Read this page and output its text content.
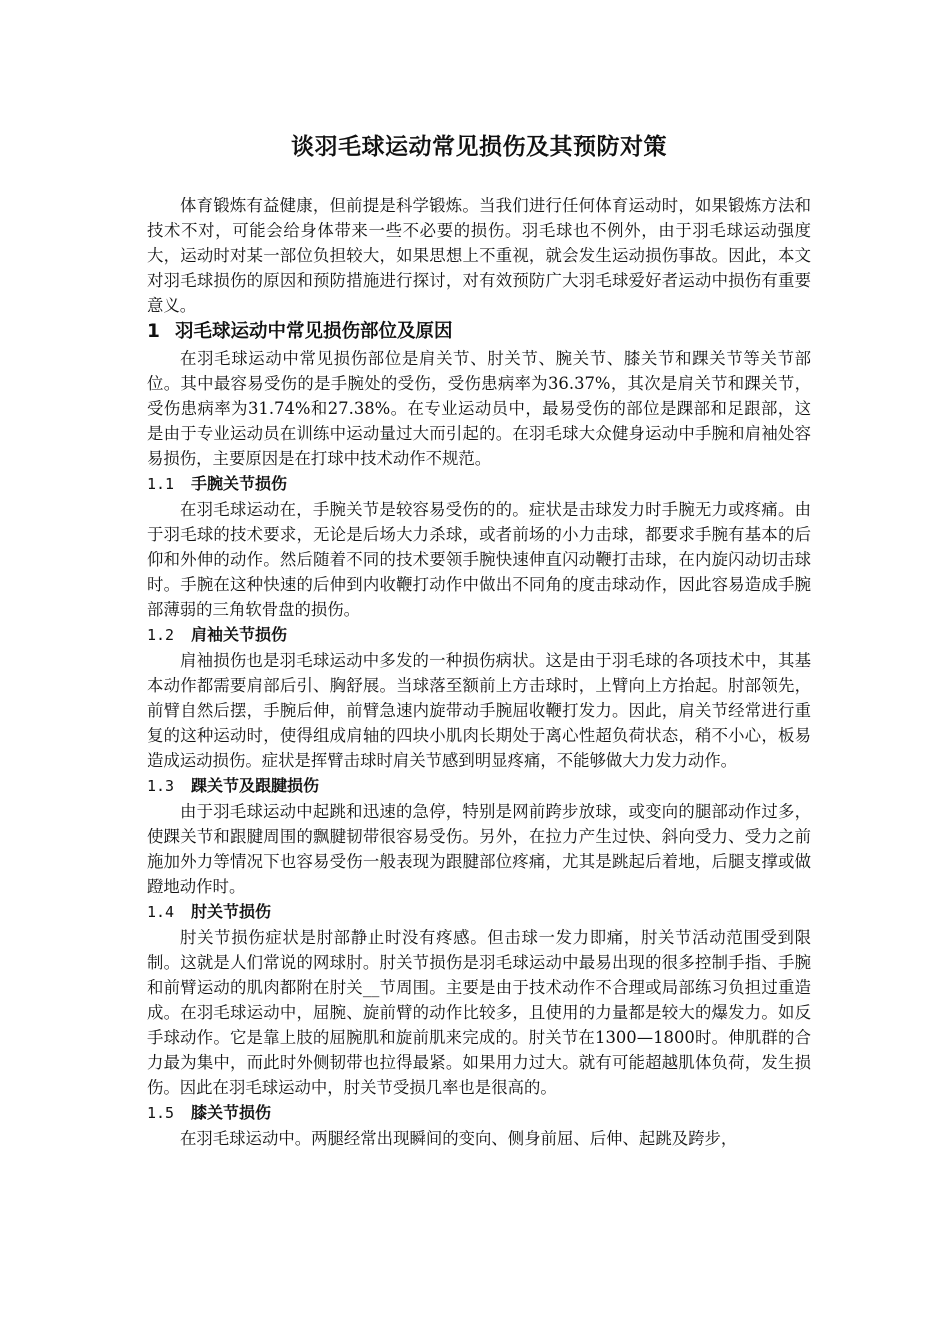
谈羽毛球运动常见损伤及其预防对策

体育锻炼有益健康，但前提是科学锻炼。当我们进行任何体育运动时，如果锻炼方法和技术不对，可能会给身体带来一些不必要的损伤。羽毛球也不例外，由于羽毛球运动强度大，运动时对某一部位负担较大，如果思想上不重视，就会发生运动损伤事故。因此，本文对羽毛球损伤的原因和预防措施进行探讨，对有效预防广大羽毛球爱好者运动中损伤有重要意义。

1 羽毛球运动中常见损伤部位及原因

在羽毛球运动中常见损伤部位是肩关节、肘关节、腕关节、膝关节和踝关节等关节部位。其中最容易受伤的是手腕处的受伤，受伤患病率为36.37%，其次是肩关节和踝关节，受伤患病率为31.74%和27.38%。在专业运动员中，最易受伤的部位是踝部和足跟部，这是由于专业运动员在训练中运动量过大而引起的。在羽毛球大众健身运动中手腕和肩袖处容易损伤，主要原因是在打球中技术动作不规范。

1.1 手腕关节损伤

在羽毛球运动在，手腕关节是较容易受伤的的。症状是击球发力时手腕无力或疼痛。由于羽毛球的技术要求，无论是后场大力杀球，或者前场的小力击球，都要求手腕有基本的后仰和外伸的动作。然后随着不同的技术要领手腕快速伸直闪动鞭打击球，在内旋闪动切击球时。手腕在这种快速的后伸到内收鞭打动作中做出不同角的度击球动作，因此容易造成手腕部薄弱的三角软骨盘的损伤。

1.2 肩袖关节损伤

肩袖损伤也是羽毛球运动中多发的一种损伤病状。这是由于羽毛球的各项技术中，其基本动作都需要肩部后引、胸舒展。当球落至额前上方击球时，上臂向上方抬起。肘部领先，前臂自然后摆，手腕后伸，前臂急速内旋带动手腕屈收鞭打发力。因此，肩关节经常进行重复的这种运动时，使得组成肩轴的四块小肌肉长期处于离心性超负荷状态，稍不小心，板易造成运动损伤。症状是挥臂击球时肩关节感到明显疼痛，不能够做大力发力动作。

1.3 踝关节及跟腱损伤

由于羽毛球运动中起跳和迅速的急停，特别是网前跨步放球，或变向的腿部动作过多，使踝关节和跟腱周围的飘腱韧带很容易受伤。另外，在拉力产生过快、斜向受力、受力之前施加外力等情况下也容易受伤一般表现为跟腱部位疼痛，尤其是跳起后着地，后腿支撑或做蹬地动作时。

1.4 肘关节损伤

肘关节损伤症状是肘部静止时没有疼感。但击球一发力即痛，肘关节活动范围受到限制。这就是人们常说的网球肘。肘关节损伤是羽毛球运动中最易出现的很多控制手指、手腕和前臂运动的肌肉都附在肘关__节周围。主要是由于技术动作不合理或局部练习负担过重造成。在羽毛球运动中，屈腕、旋前臂的动作比较多，且使用的力量都是较大的爆发力。如反手球动作。它是靠上肢的屈腕肌和旋前肌来完成的。肘关节在1300—1800时。伸肌群的合力最为集中，而此时外侧韧带也拉得最紧。如果用力过大。就有可能超越肌体负荷，发生损伤。因此在羽毛球运动中，肘关节受损几率也是很高的。

1.5 膝关节损伤

在羽毛球运动中。两腿经常出现瞬间的变向、侧身前屈、后伸、起跳及跨步，
